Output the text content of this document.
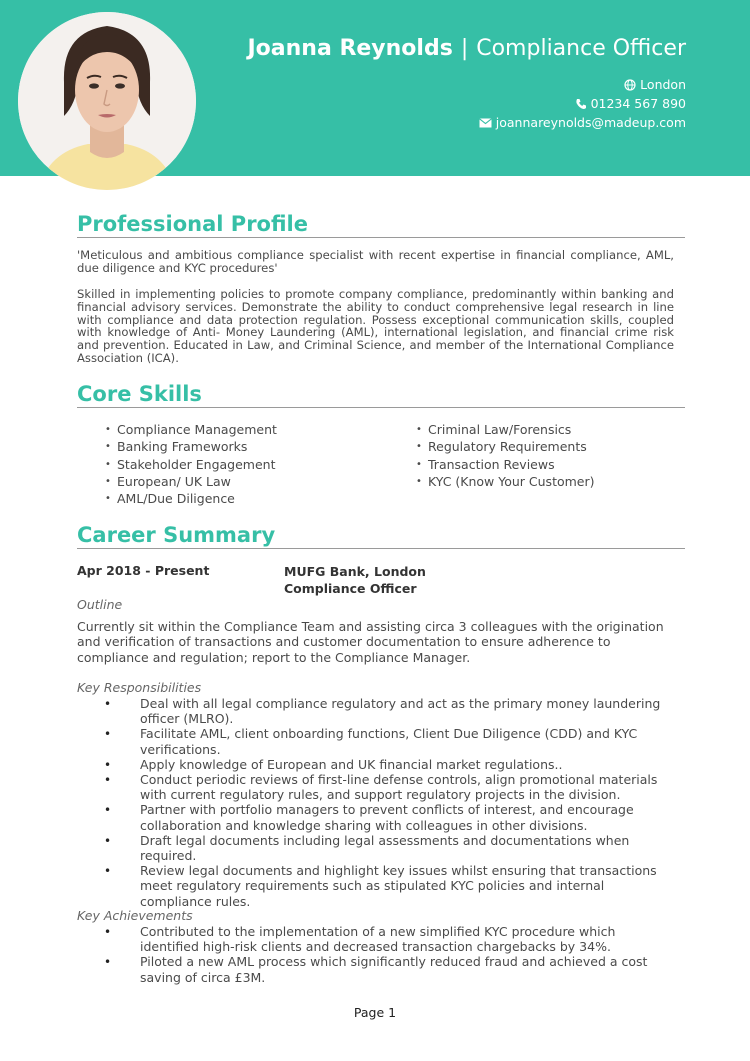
Joanna Reynolds | Compliance Officer
London
01234 567 890
joannareynolds@madeup.com
Professional Profile
'Meticulous and ambitious compliance specialist with recent expertise in financial compliance, AML, due diligence and KYC procedures'
Skilled in implementing policies to promote company compliance, predominantly within banking and financial advisory services. Demonstrate the ability to conduct comprehensive legal research in line with compliance and data protection regulation. Possess exceptional communication skills, coupled with knowledge of Anti- Money Laundering (AML), international legislation, and financial crime risk and prevention. Educated in Law, and Criminal Science, and member of the International Compliance Association (ICA).
Core Skills
• Compliance Management
• Banking Frameworks
• Stakeholder Engagement
• European/ UK Law
• AML/Due Diligence
• Criminal Law/Forensics
• Regulatory Requirements
• Transaction Reviews
• KYC (Know Your Customer)
Career Summary
Apr 2018 - Present	MUFG Bank, London
Compliance Officer
Outline
Currently sit within the Compliance Team and assisting circa 3 colleagues with the origination and verification of transactions and customer documentation to ensure adherence to compliance and regulation; report to the Compliance Manager.
Key Responsibilities
• Deal with all legal compliance regulatory and act as the primary money laundering officer (MLRO).
• Facilitate AML, client onboarding functions, Client Due Diligence (CDD) and KYC verifications.
• Apply knowledge of European and UK financial market regulations..
• Conduct periodic reviews of first-line defense controls, align promotional materials with current regulatory rules, and support regulatory projects in the division.
• Partner with portfolio managers to prevent conflicts of interest, and encourage collaboration and knowledge sharing with colleagues in other divisions.
• Draft legal documents including legal assessments and documentations when required.
• Review legal documents and highlight key issues whilst ensuring that transactions meet regulatory requirements such as stipulated KYC policies and internal compliance rules.
Key Achievements
• Contributed to the implementation of a new simplified KYC procedure which identified high-risk clients and decreased transaction chargebacks by 34%.
• Piloted a new AML process which significantly reduced fraud and achieved a cost saving of circa £3M.
Page 1
